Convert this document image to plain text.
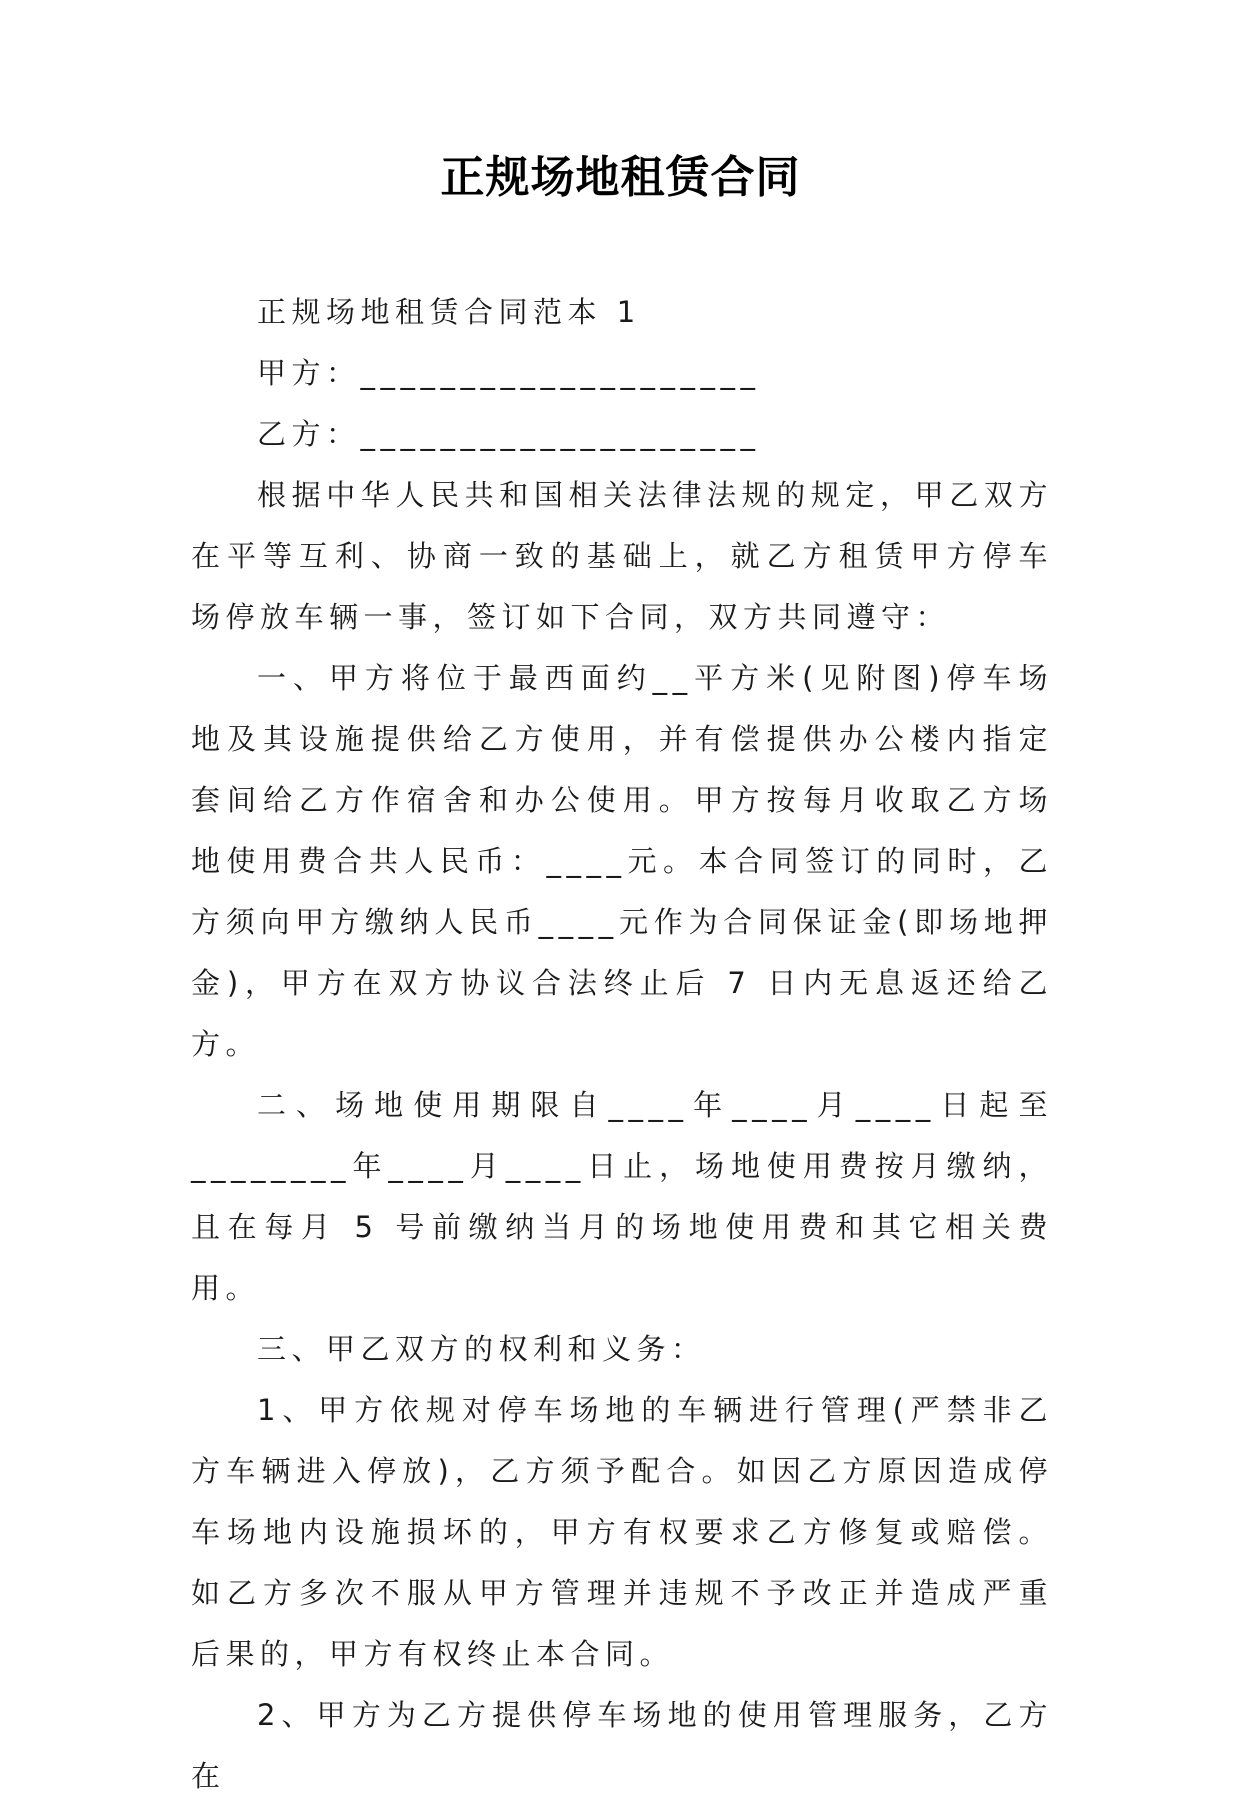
正规场地租赁合同

正规场地租赁合同范本 1

甲方：____________________

乙方：____________________

根据中华人民共和国相关法律法规的规定，甲乙双方在平等互利、协商一致的基础上，就乙方租赁甲方停车场停放车辆一事，签订如下合同，双方共同遵守：

一、甲方将位于最西面约__平方米(见附图)停车场地及其设施提供给乙方使用，并有偿提供办公楼内指定套间给乙方作宿舍和办公使用。甲方按每月收取乙方场地使用费合共人民币：____元。本合同签订的同时，乙方须向甲方缴纳人民币____元作为合同保证金(即场地押金)，甲方在双方协议合法终止后 7 日内无息返还给乙方。

二、场地使用期限自____年____月____日起至________年____月____日止，场地使用费按月缴纳，且在每月 5 号前缴纳当月的场地使用费和其它相关费用。

三、甲乙双方的权利和义务：

1、甲方依规对停车场地的车辆进行管理(严禁非乙方车辆进入停放)，乙方须予配合。如因乙方原因造成停车场地内设施损坏的，甲方有权要求乙方修复或赔偿。如乙方多次不服从甲方管理并违规不予改正并造成严重后果的，甲方有权终止本合同。

2、甲方为乙方提供停车场地的使用管理服务，乙方在
